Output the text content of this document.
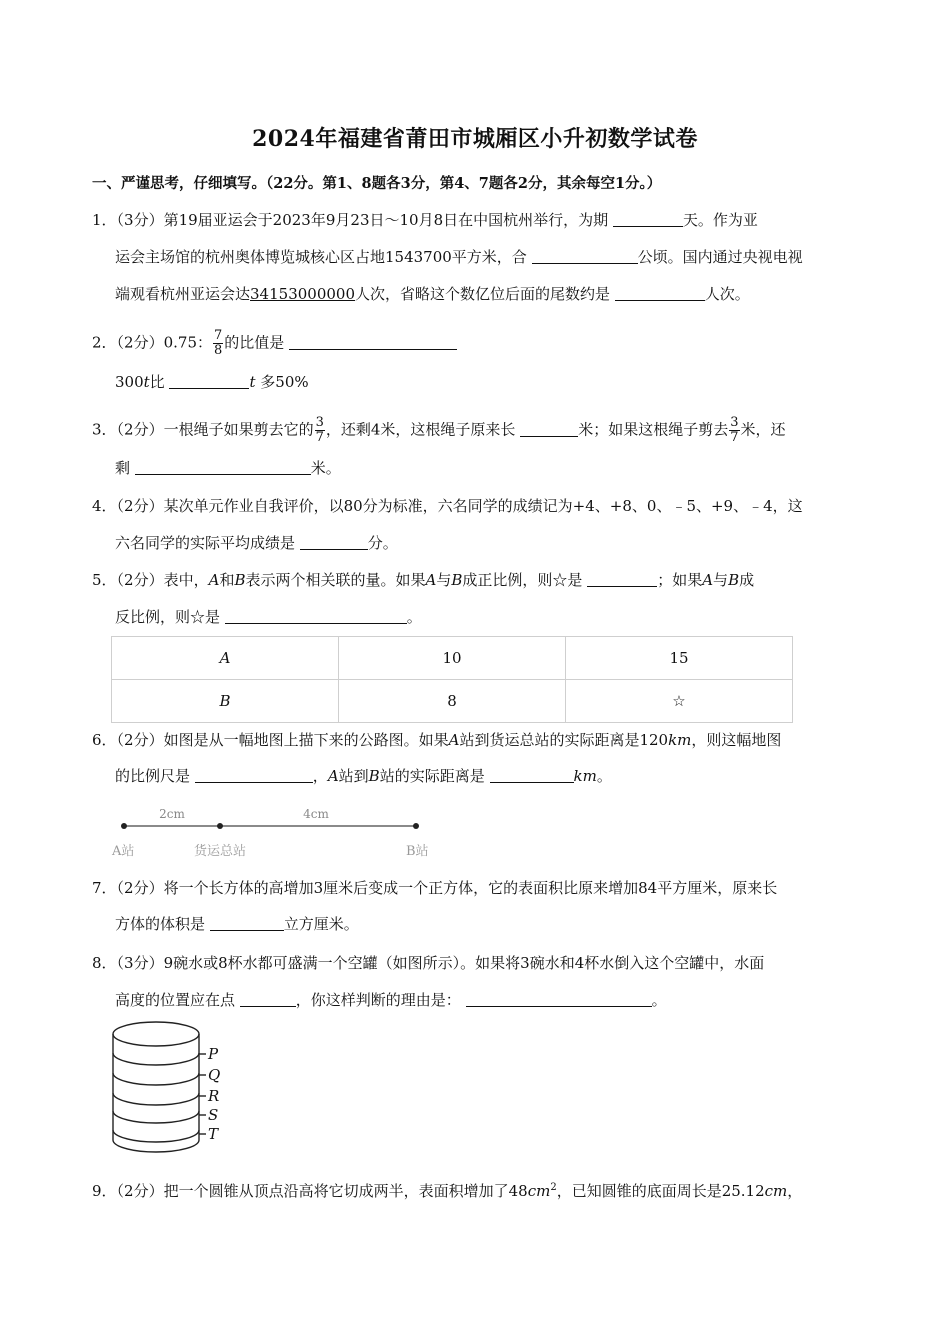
2024年福建省莆田市城厢区小升初数学试卷
一、严谨思考，仔细填写。（22分。第1、8题各3分，第4、7题各2分，其余每空1分。）
1．（3分）第19届亚运会于2023年9月23日～10月8日在中国杭州举行，为期	天。作为亚
运会主场馆的杭州奥体博览城核心区占地1543700平方米，合	公顷。国内通过央视电视
端观看杭州亚运会达34153000000人次，省略这个数亿位后面的尾数约是	人次。
2．（2分）0.75： $\frac{7}{8}$ 的比值是
300t比	t 多50%
3．（2分）一根绳子如果剪去它的 $\frac{3}{7}$ ，还剩4米，这根绳子原来长	米；如果这根绳子剪去 $\frac{3}{7}$ 米，还
剩	米。
4．（2分）某次单元作业自我评价，以80分为标准，六名同学的成绩记为+4、+8、0、﹣5、+9、﹣4，这
六名同学的实际平均成绩是	分。
5．（2分）表中，A和B表示两个相关联的量。如果A与B成正比例，则☆是	；如果A与B成
反比例，则☆是	。
A	10	15
B	8	☆
6．（2分）如图是从一幅地图上描下来的公路图。如果A站到货运总站的实际距离是120km，则这幅地图
的比例尺是	，A站到B站的实际距离是	km。
2cm	4cm
A站	货运总站	B站
7．（2分）将一个长方体的高增加3厘米后变成一个正方体，它的表面积比原来增加84平方厘米，原来长
方体的体积是	立方厘米。
8．（3分）9碗水或8杯水都可盛满一个空罐（如图所示）。如果将3碗水和4杯水倒入这个空罐中，水面
高度的位置应在点	，你这样判断的理由是：	。
P
Q
R
S
T
9．（2分）把一个圆锥从顶点沿高将它切成两半，表面积增加了$48cm^2$，已知圆锥的底面周长是25.12cm，
